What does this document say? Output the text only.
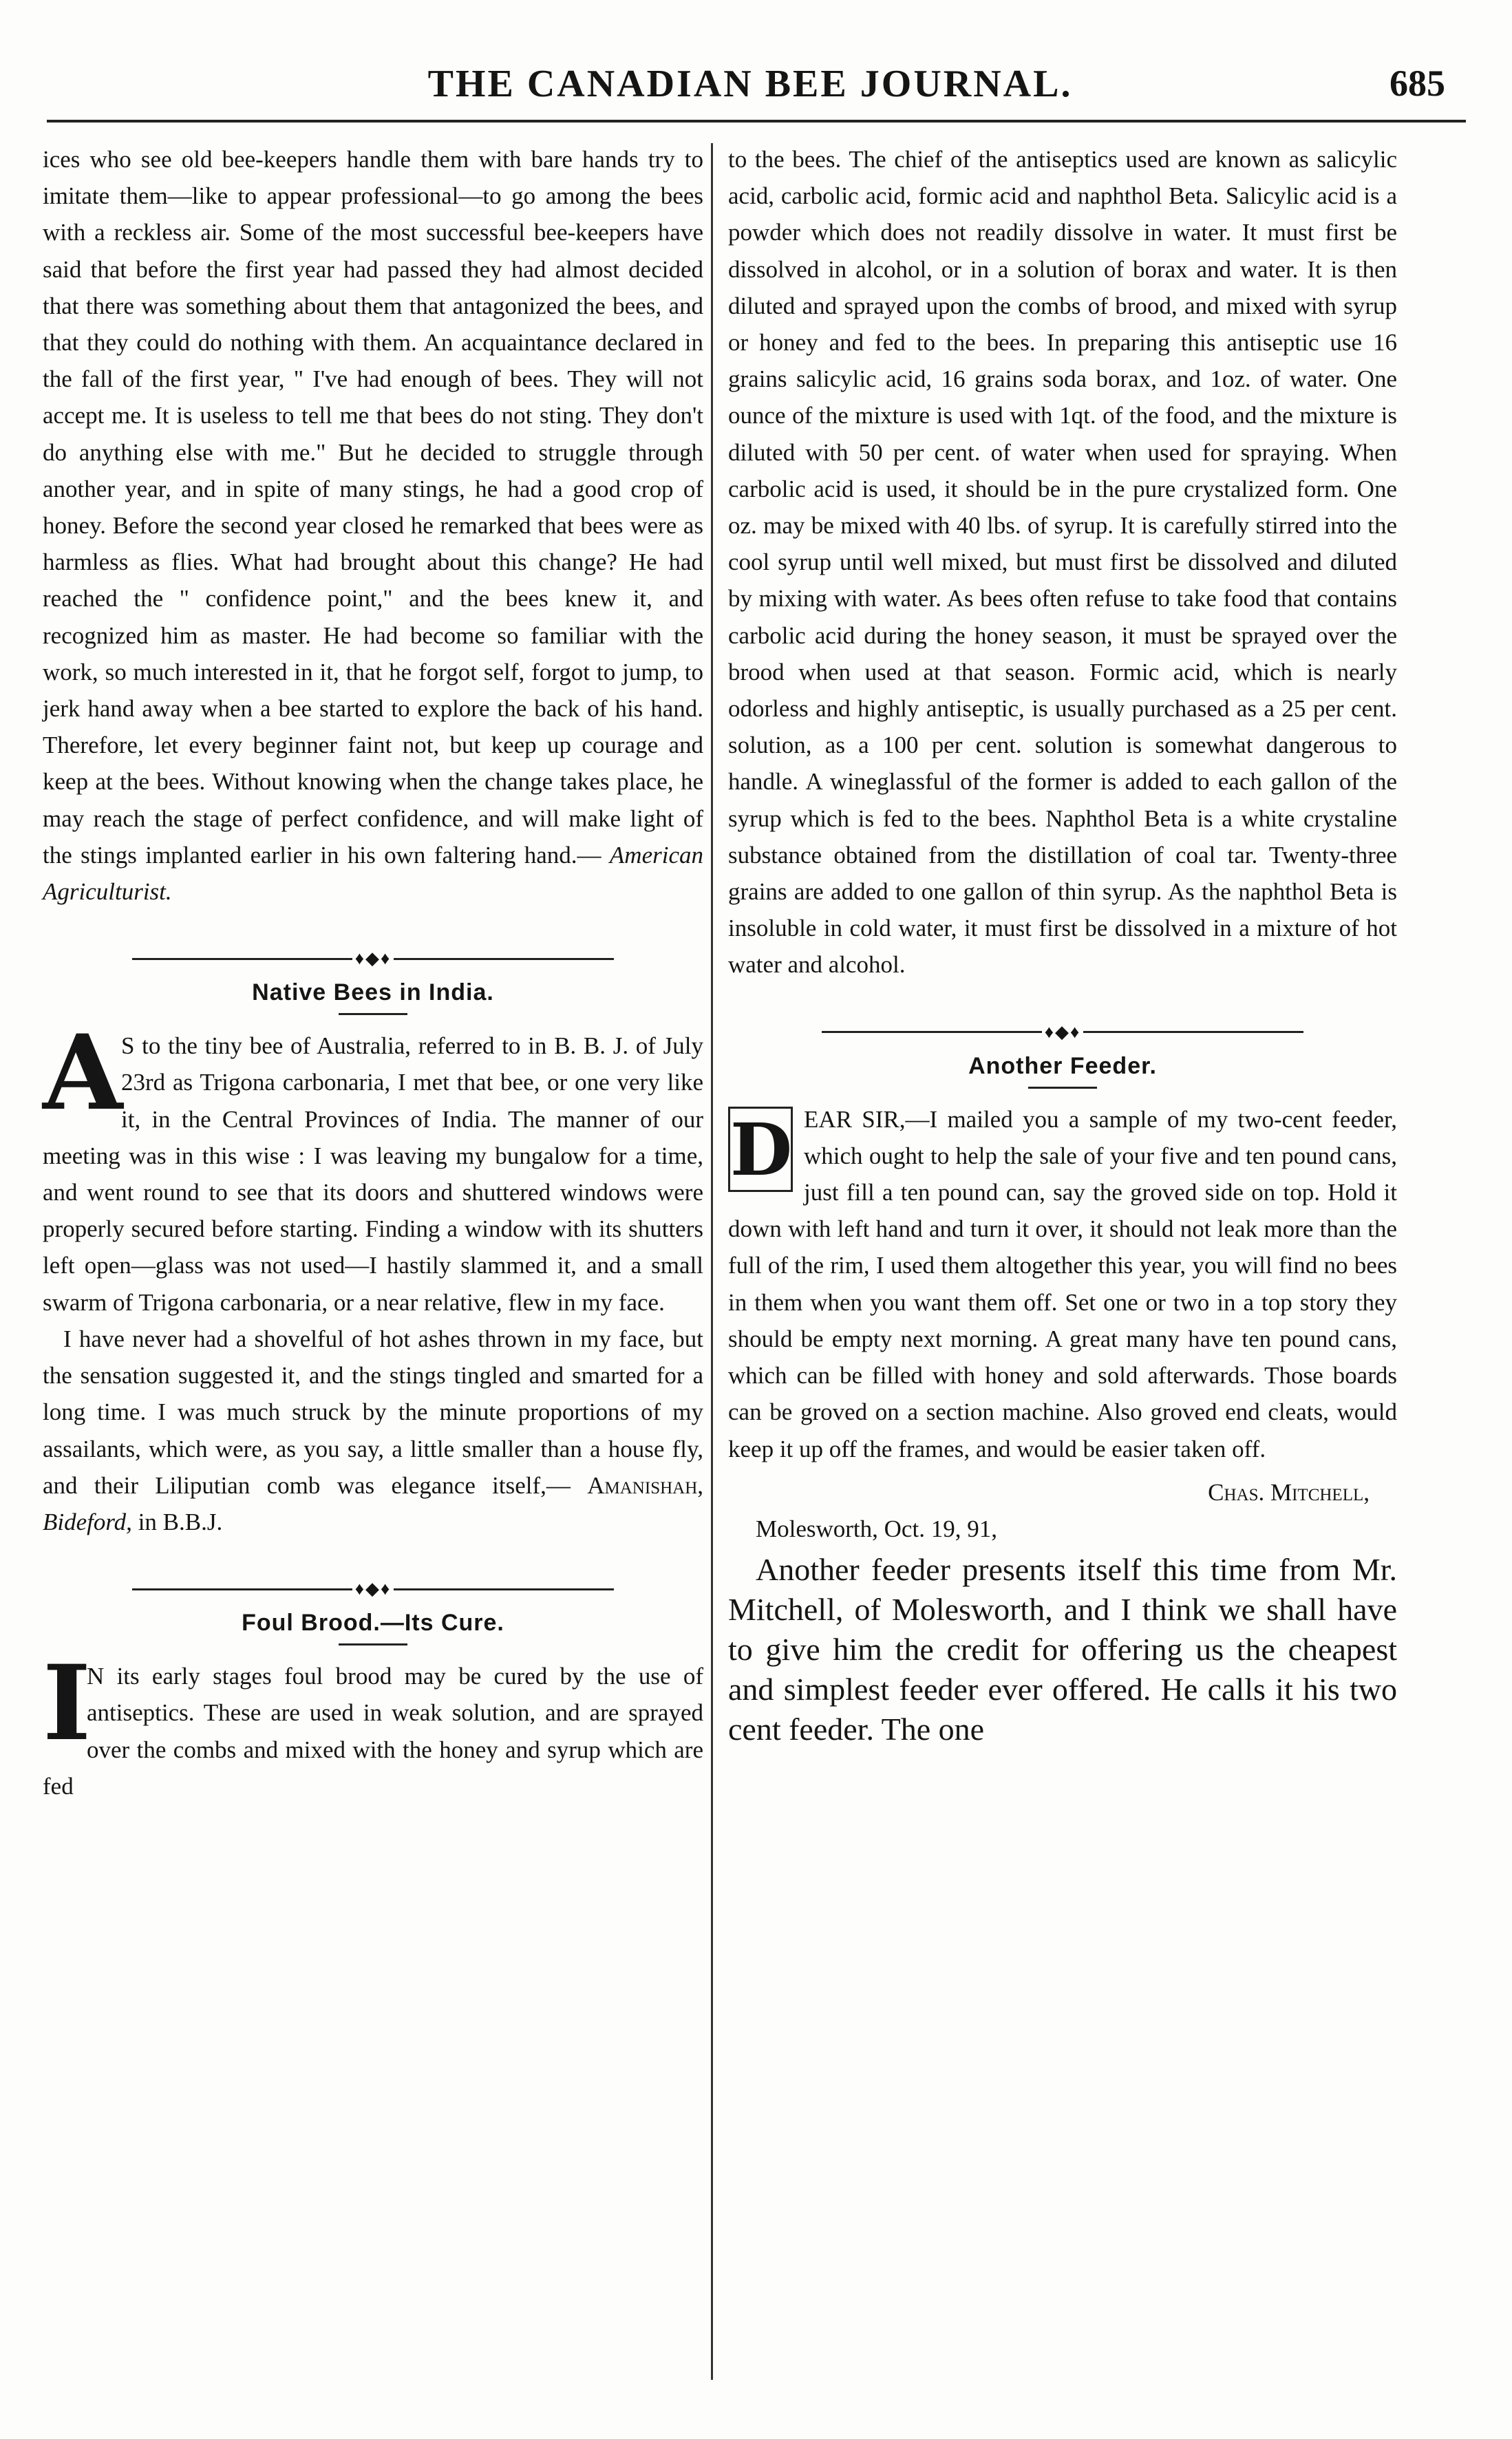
THE CANADIAN BEE JOURNAL.	685

ices who see old bee-keepers handle them with bare hands try to imitate them—like to appear professional—to go among the bees with a reckless air. Some of the most successful bee-keepers have said that before the first year had passed they had almost decided that there was something about them that antagonized the bees, and that they could do nothing with them. An acquaintance declared in the fall of the first year, " I've had enough of bees. They will not accept me. It is useless to tell me that bees do not sting. They don't do anything else with me." But he decided to struggle through another year, and in spite of many stings, he had a good crop of honey. Before the second year closed he remarked that bees were as harmless as flies. What had brought about this change? He had reached the " confidence point," and the bees knew it, and recognized him as master. He had become so familiar with the work, so much interested in it, that he forgot self, forgot to jump, to jerk hand away when a bee started to explore the back of his hand. Therefore, let every beginner faint not, but keep up courage and keep at the bees. Without knowing when the change takes place, he may reach the stage of perfect confidence, and will make light of the stings implanted earlier in his own faltering hand.— American Agriculturist.

♦◆♦
Native Bees in India.

A
S to the tiny bee of Australia, referred to in B. B. J. of July 23rd as Trigona carbonaria, I met that bee, or one very like it, in the Central Provinces of India. The manner of our meeting was in this wise : I was leaving my bungalow for a time, and went round to see that its doors and shuttered windows were properly secured before starting. Finding a window with its shutters left open—glass was not used—I hastily slammed it, and a small swarm of Trigona carbonaria, or a near relative, flew in my face.

I have never had a shovelful of hot ashes thrown in my face, but the sensation suggested it, and the stings tingled and smarted for a long time. I was much struck by the minute proportions of my assailants, which were, as you say, a little smaller than a house fly, and their Liliputian comb was elegance itself,— Amanishah, Bideford, in B.B.J.

♦◆♦
Foul Brood.—Its Cure.

I
N its early stages foul brood may be cured by the use of antiseptics. These are used in weak solution, and are sprayed over the combs and mixed with the honey and syrup which are fed

to the bees. The chief of the antiseptics used are known as salicylic acid, carbolic acid, formic acid and naphthol Beta. Salicylic acid is a powder which does not readily dissolve in water. It must first be dissolved in alcohol, or in a solution of borax and water. It is then diluted and sprayed upon the combs of brood, and mixed with syrup or honey and fed to the bees. In preparing this antiseptic use 16 grains salicylic acid, 16 grains soda borax, and 1oz. of water. One ounce of the mixture is used with 1qt. of the food, and the mixture is diluted with 50 per cent. of water when used for spraying. When carbolic acid is used, it should be in the pure crystalized form. One oz. may be mixed with 40 lbs. of syrup. It is carefully stirred into the cool syrup until well mixed, but must first be dissolved and diluted by mixing with water. As bees often refuse to take food that contains carbolic acid during the honey season, it must be sprayed over the brood when used at that season. Formic acid, which is nearly odorless and highly antiseptic, is usually purchased as a 25 per cent. solution, as a 100 per cent. solution is somewhat dangerous to handle. A wineglassful of the former is added to each gallon of the syrup which is fed to the bees. Naphthol Beta is a white crystaline substance obtained from the distillation of coal tar. Twenty-three grains are added to one gallon of thin syrup. As the naphthol Beta is insoluble in cold water, it must first be dissolved in a mixture of hot water and alcohol.

♦◆♦
Another Feeder.

D EAR SIR,—I mailed you a sample of my two-cent feeder, which ought to help the sale of your five and ten pound cans, just fill a ten pound can, say the groved side on top. Hold it down with left hand and turn it over, it should not leak more than the full of the rim, I used them altogether this year, you will find no bees in them when you want them off. Set one or two in a top story they should be empty next morning. A great many have ten pound cans, which can be filled with honey and sold afterwards. Those boards can be groved on a section machine. Also groved end cleats, would keep it up off the frames, and would be easier taken off.

Chas. Mitchell,
Molesworth, Oct. 19, 91,

Another feeder presents itself this time from Mr. Mitchell, of Molesworth, and I think we shall have to give him the credit for offering us the cheapest and simplest feeder ever offered. He calls it his two cent feeder. The one
